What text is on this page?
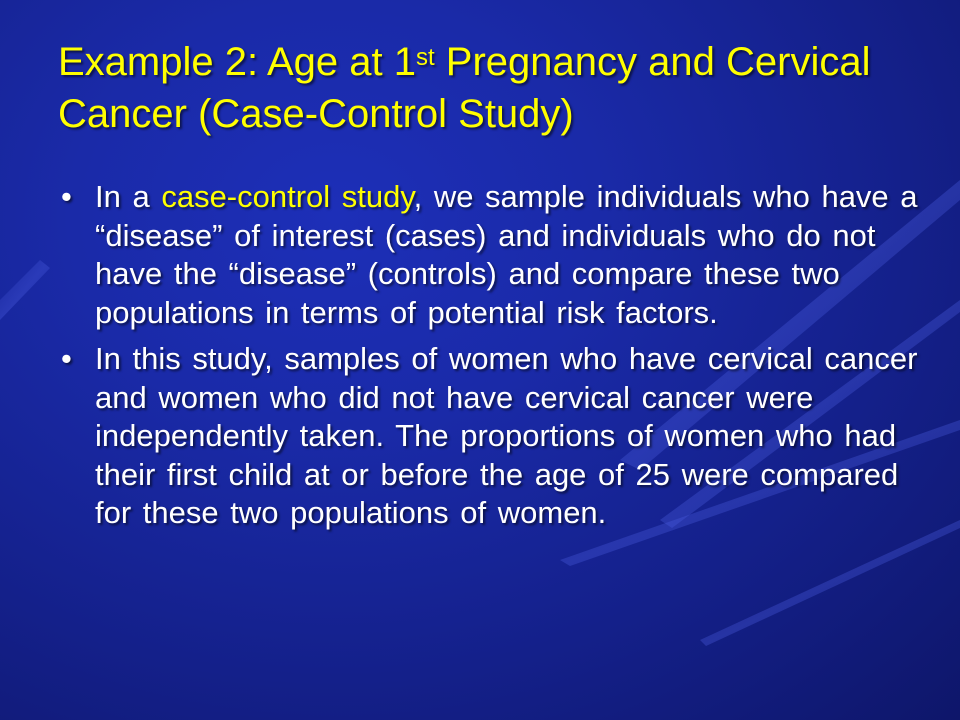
Example 2: Age at 1st Pregnancy and Cervical Cancer (Case-Control Study)
• In a case-control study, we sample individuals who have a “disease” of interest (cases) and individuals who do not have the “disease” (controls) and compare these two populations in terms of potential risk factors.
• In this study, samples of women who have cervical cancer and women who did not have cervical cancer were independently taken. The proportions of women who had their first child at or before the age of 25 were compared for these two populations of women.
